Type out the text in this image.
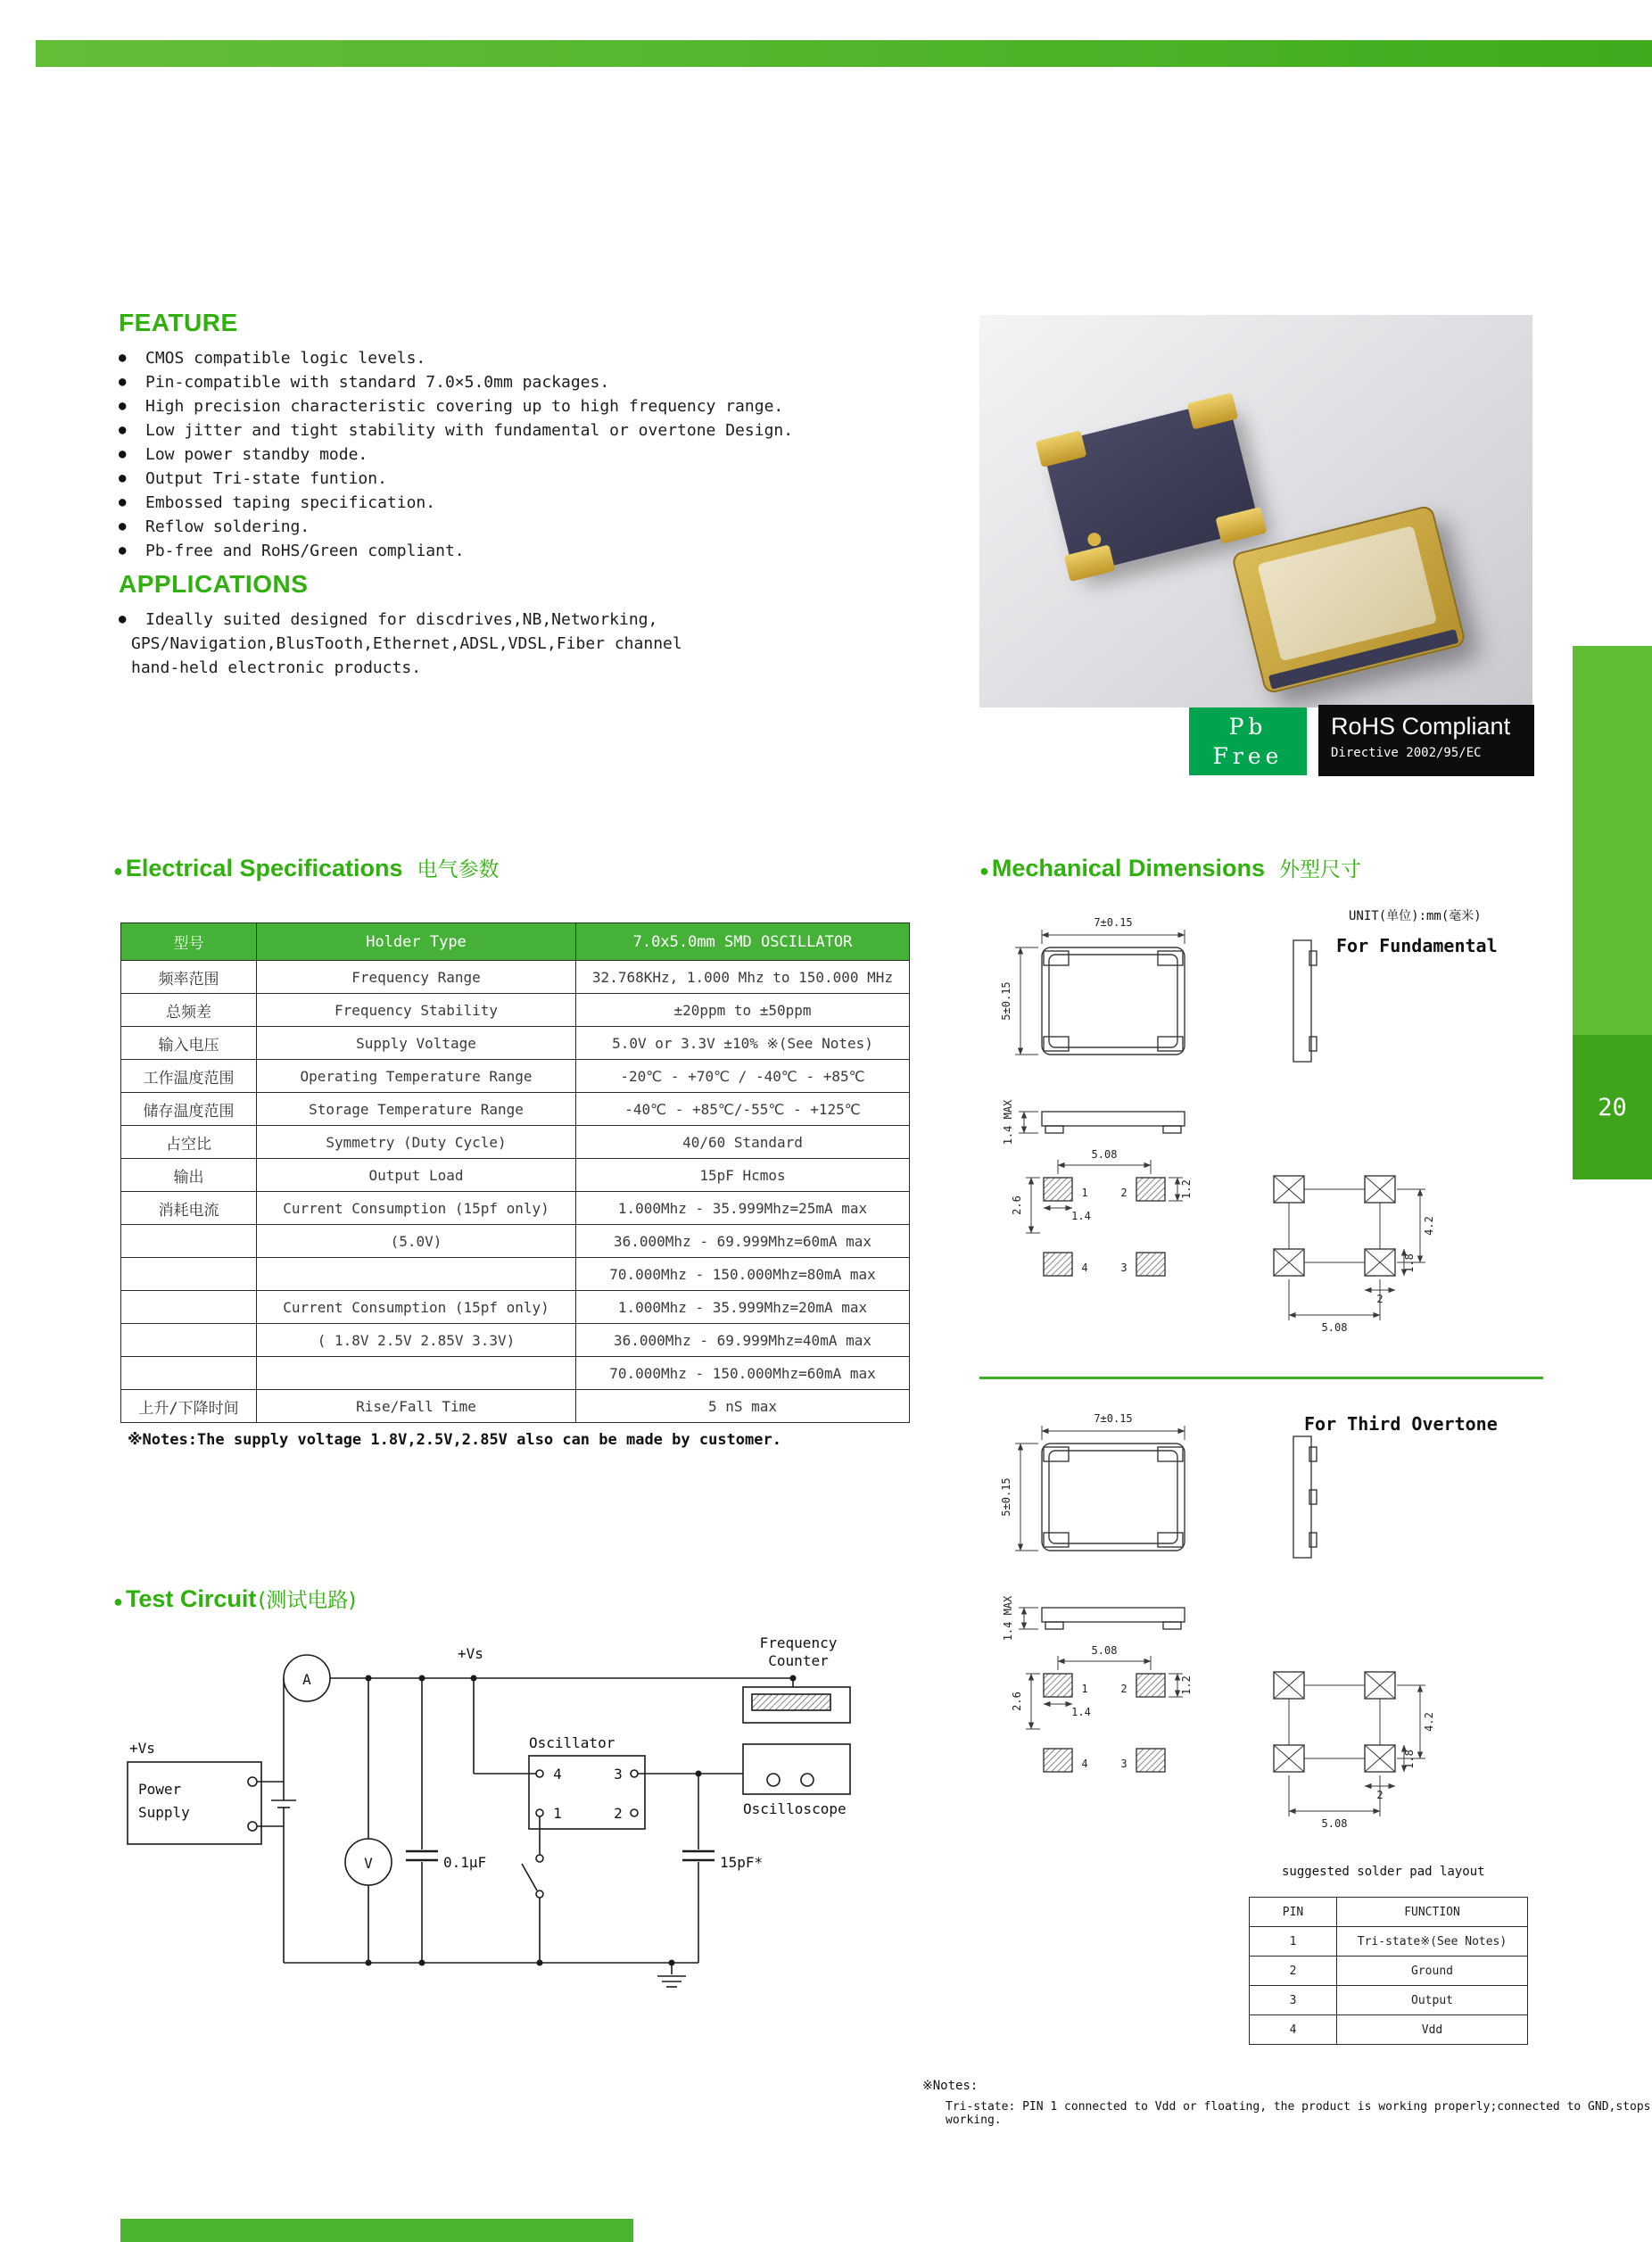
FEATURE
●	CMOS compatible logic levels.
●	Pin-compatible with standard 7.0×5.0mm packages.
●	High precision characteristic covering up to high frequency range.
●	Low jitter and tight stability with fundamental or overtone Design.
●	Low power standby mode.
●	Output Tri-state funtion.
●	Embossed taping specification.
●	Reflow soldering.
●	Pb-free and RoHS/Green compliant.
APPLICATIONS
●	Ideally suited designed for discdrives,NB,Networking,
GPS/Navigation,BlusTooth,Ethernet,ADSL,VDSL,Fiber channel
hand-held electronic products.
Pb
Free
RoHS Compliant
Directive 2002/95/EC
● Electrical Specifications 电气参数
型号	Holder Type	7.0x5.0mm SMD OSCILLATOR
频率范围	Frequency Range	32.768KHz, 1.000 Mhz to 150.000 MHz
总频差	Frequency Stability	±20ppm to ±50ppm
输入电压	Supply Voltage	5.0V or 3.3V ±10% ※(See Notes)
工作温度范围	Operating Temperature Range	-20℃ - +70℃ / -40℃ - +85℃
储存温度范围	Storage Temperature Range	-40℃ - +85℃/-55℃ - +125℃
占空比	Symmetry (Duty Cycle)	40/60 Standard
输出	Output Load	15pF Hcmos
消耗电流	Current Consumption (15pf only)	1.000Mhz - 35.999Mhz=25mA max
	(5.0V)	36.000Mhz - 69.999Mhz=60mA max
		70.000Mhz - 150.000Mhz=80mA max
	Current Consumption (15pf only)	1.000Mhz - 35.999Mhz=20mA max
	( 1.8V 2.5V 2.85V 3.3V)	36.000Mhz - 69.999Mhz=40mA max
		70.000Mhz - 150.000Mhz=60mA max
上升/下降时间	Rise/Fall Time	5 nS max
※Notes:The supply voltage 1.8V,2.5V,2.85V also can be made by customer.
● Mechanical Dimensions 外型尺寸
UNIT(单位):mm(毫米)
For Fundamental
7±0.15
5±0.15
1.4 MAX
1	2
4	3
5.08
1.4
1.2
2.6
4.2
1.8
2
5.08
For Third Overtone
7±0.15
5±0.15
1.4 MAX
1	2
4	3
5.08
1.4
1.2
2.6
4.2
1.8
2
5.08
suggested solder pad layout
● Test Circuit (测试电路)
A
V
+Vs
Power
Supply
+Vs
0.1μF	15pF*
Oscillator
4	3
1	2
Frequency
Counter
Oscilloscope
PIN	FUNCTION
1	Tri-state※(See Notes)
2	Ground
3	Output
4	Vdd
※Notes:
Tri-state: PIN 1 connected to Vdd or floating, the product is working properly;connected to GND,stops working.
20
